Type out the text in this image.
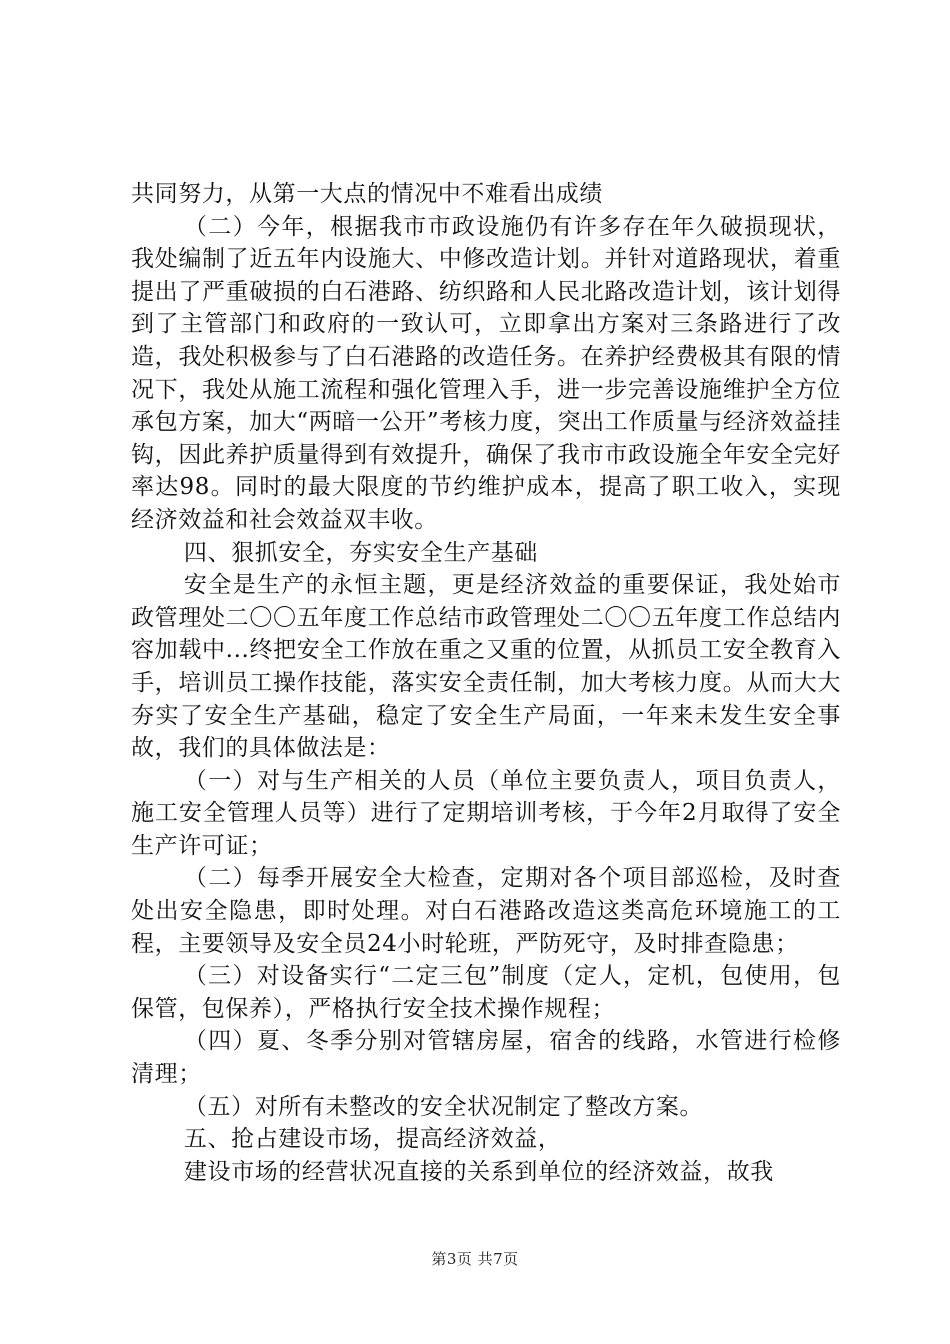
共同努力，从第一大点的情况中不难看出成绩

（二）今年，根据我市市政设施仍有许多存在年久破损现状，我处编制了近五年内设施大、中修改造计划。并针对道路现状，着重提出了严重破损的白石港路、纺织路和人民北路改造计划，该计划得到了主管部门和政府的一致认可，立即拿出方案对三条路进行了改造，我处积极参与了白石港路的改造任务。在养护经费极其有限的情况下，我处从施工流程和强化管理入手，进一步完善设施维护全方位承包方案，加大“两暗一公开”考核力度，突出工作质量与经济效益挂钩，因此养护质量得到有效提升，确保了我市市政设施全年安全完好率达98。同时的最大限度的节约维护成本，提高了职工收入，实现经济效益和社会效益双丰收。

四、狠抓安全，夯实安全生产基础

安全是生产的永恒主题，更是经济效益的重要保证，我处始市政管理处二〇〇五年度工作总结市政管理处二〇〇五年度工作总结内容加载中...终把安全工作放在重之又重的位置，从抓员工安全教育入手，培训员工操作技能，落实安全责任制，加大考核力度。从而大大夯实了安全生产基础，稳定了安全生产局面，一年来未发生安全事故，我们的具体做法是：

（一）对与生产相关的人员（单位主要负责人，项目负责人，施工安全管理人员等）进行了定期培训考核，于今年2月取得了安全生产许可证；

（二）每季开展安全大检查，定期对各个项目部巡检，及时查处出安全隐患，即时处理。对白石港路改造这类高危环境施工的工程，主要领导及安全员24小时轮班，严防死守，及时排查隐患；

（三）对设备实行“二定三包”制度（定人，定机，包使用，包保管，包保养），严格执行安全技术操作规程；

（四）夏、冬季分别对管辖房屋，宿舍的线路，水管进行检修清理；

（五）对所有未整改的安全状况制定了整改方案。

五、抢占建设市场，提高经济效益，

建设市场的经营状况直接的关系到单位的经济效益，故我

第3页 共7页
